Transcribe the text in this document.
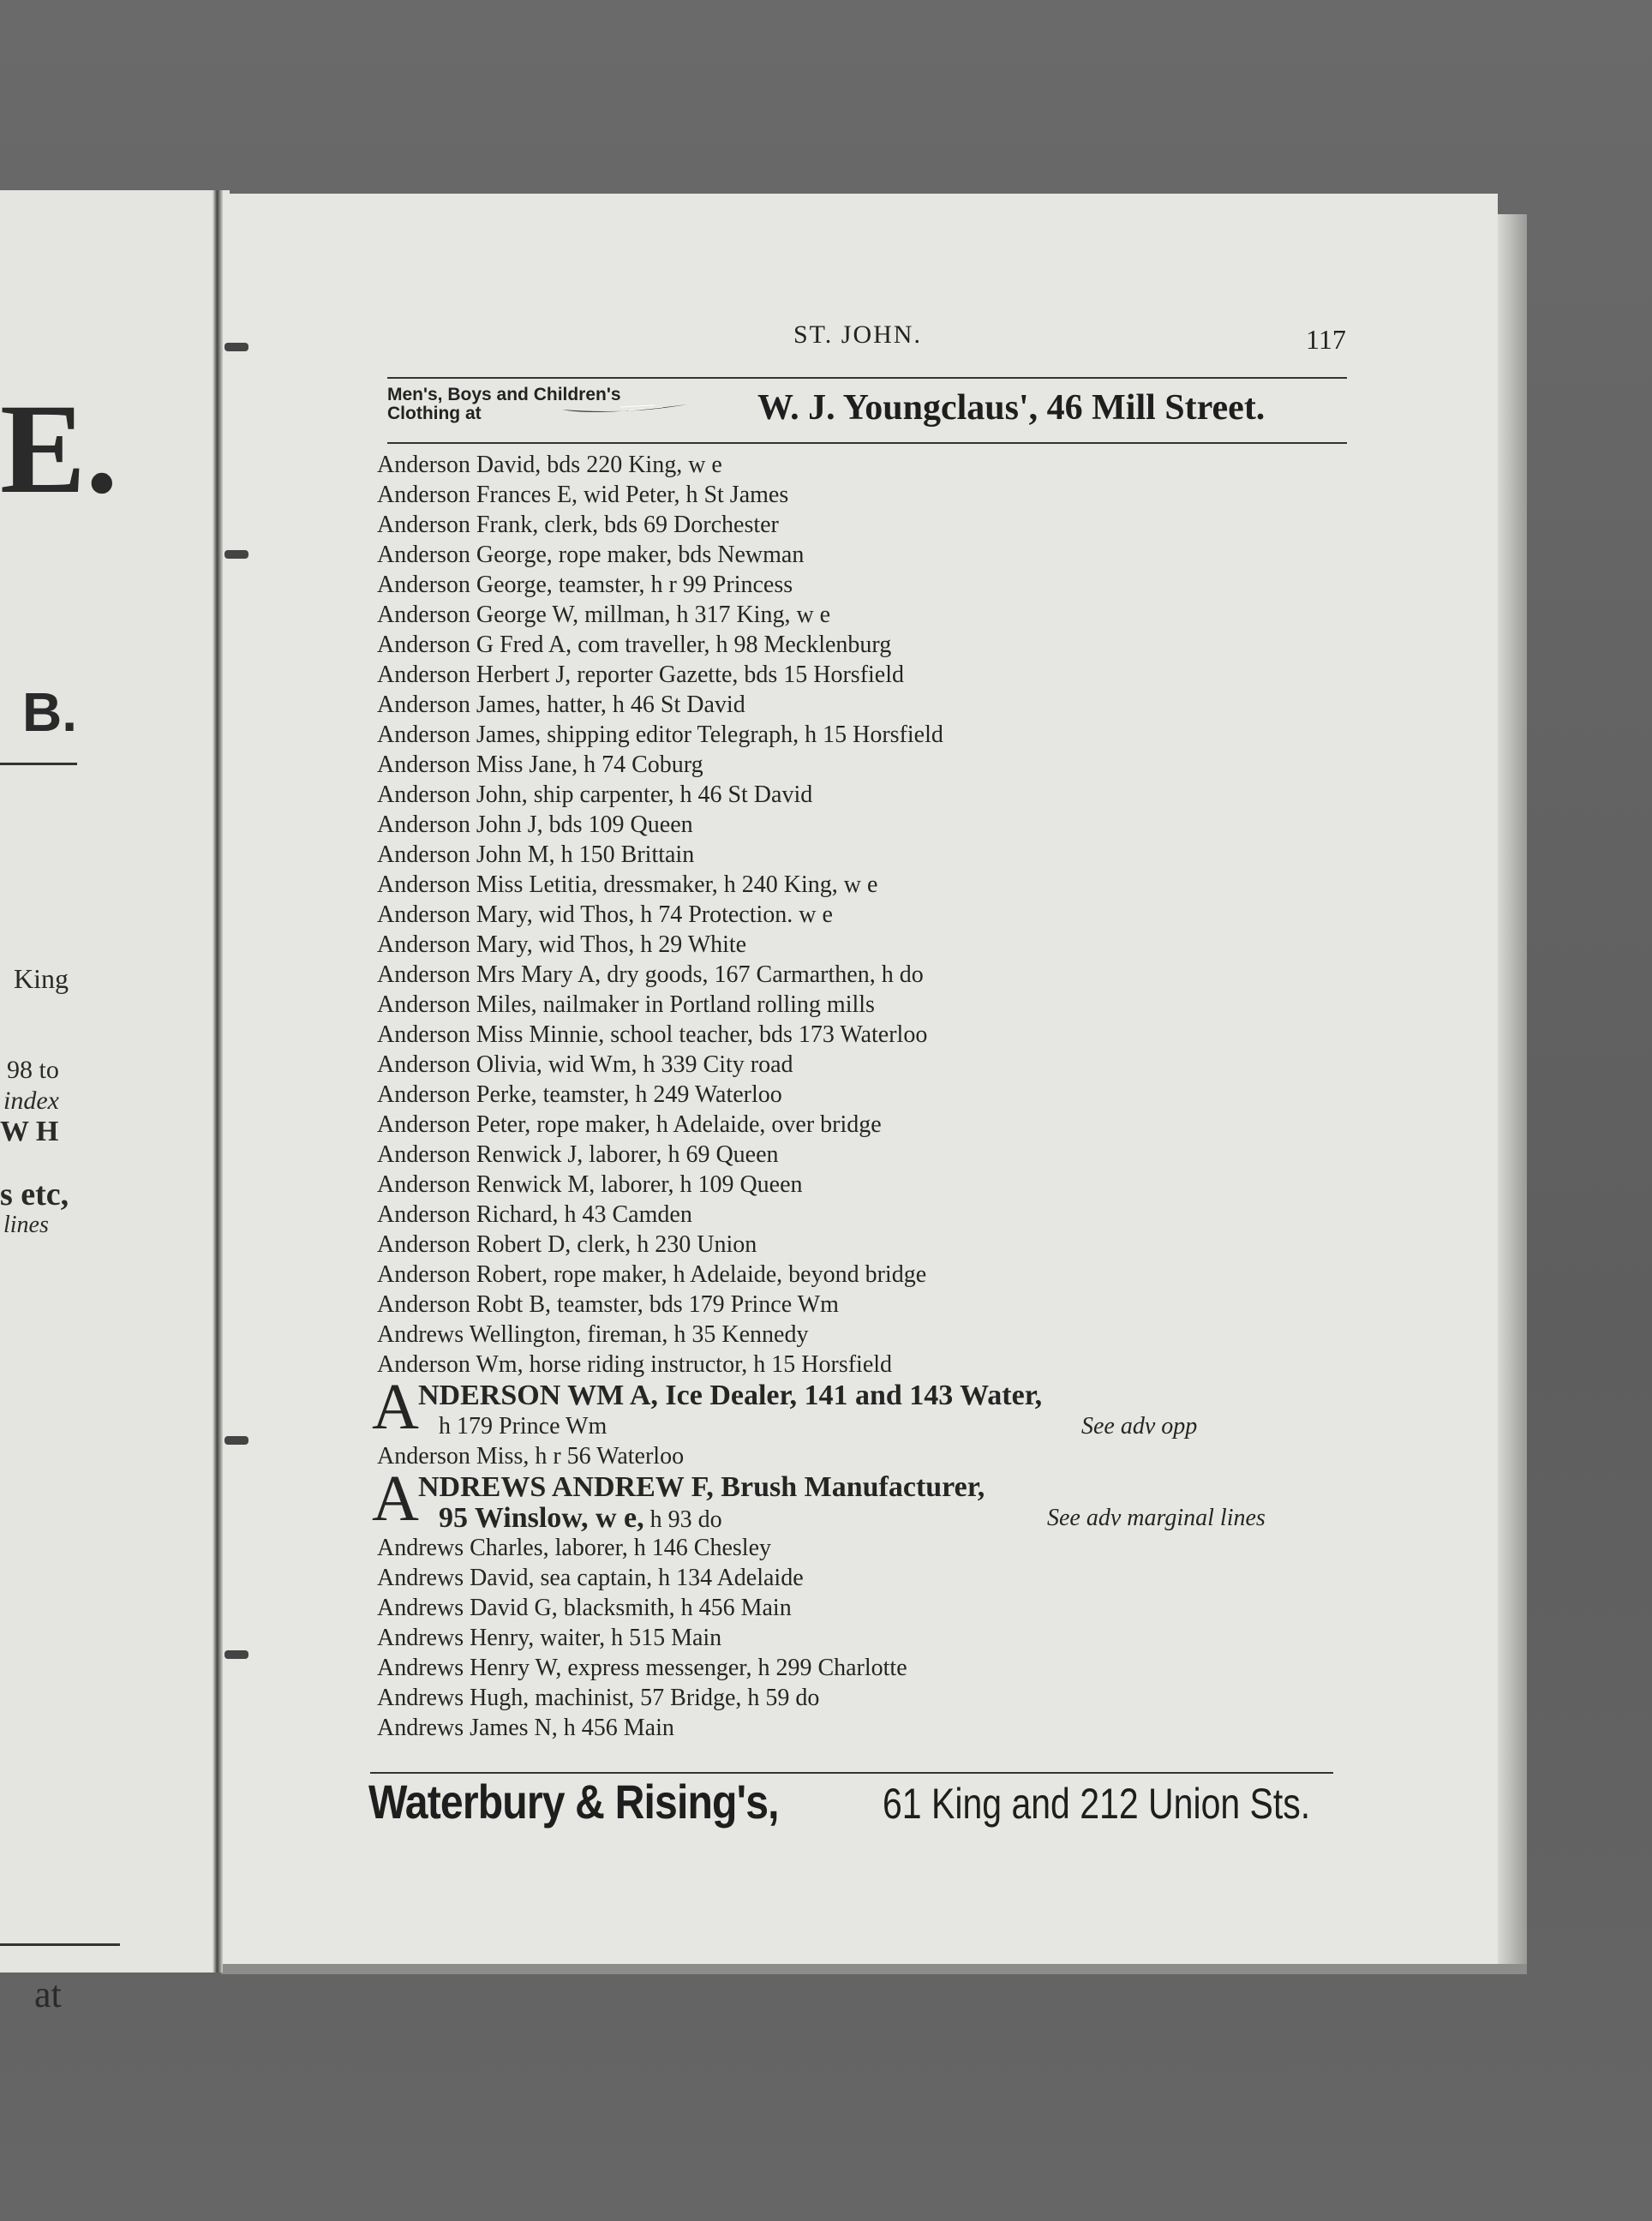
E.
B.
King
98 to
index
W H
s etc,
lines
at
ST. JOHN.	117
Men's, Boys and Children's
Clothing at	W. J. Youngclaus', 46 Mill Street.
Anderson David, bds 220 King, w e
Anderson Frances E, wid Peter, h St James
Anderson Frank, clerk, bds 69 Dorchester
Anderson George, rope maker, bds Newman
Anderson George, teamster, h r 99 Princess
Anderson George W, millman, h 317 King, w e
Anderson G Fred A, com traveller, h 98 Mecklenburg
Anderson Herbert J, reporter Gazette, bds 15 Horsfield
Anderson James, hatter, h 46 St David
Anderson James, shipping editor Telegraph, h 15 Horsfield
Anderson Miss Jane, h 74 Coburg
Anderson John, ship carpenter, h 46 St David
Anderson John J, bds 109 Queen
Anderson John M, h 150 Brittain
Anderson Miss Letitia, dressmaker, h 240 King, w e
Anderson Mary, wid Thos, h 74 Protection. w e
Anderson Mary, wid Thos, h 29 White
Anderson Mrs Mary A, dry goods, 167 Carmarthen, h do
Anderson Miles, nailmaker in Portland rolling mills
Anderson Miss Minnie, school teacher, bds 173 Waterloo
Anderson Olivia, wid Wm, h 339 City road
Anderson Perke, teamster, h 249 Waterloo
Anderson Peter, rope maker, h Adelaide, over bridge
Anderson Renwick J, laborer, h 69 Queen
Anderson Renwick M, laborer, h 109 Queen
Anderson Richard, h 43 Camden
Anderson Robert D, clerk, h 230 Union
Anderson Robert, rope maker, h Adelaide, beyond bridge
Anderson Robt B, teamster, bds 179 Prince Wm
Andrews Wellington, fireman, h 35 Kennedy
Anderson Wm, horse riding instructor, h 15 Horsfield
A NDERSON WM A, Ice Dealer, 141 and 143 Water,
h 179 Prince Wm	See adv opp
Anderson Miss, h r 56 Waterloo
A NDREWS ANDREW F, Brush Manufacturer,
95 Winslow, w e, h 93 do	See adv marginal lines
Andrews Charles, laborer, h 146 Chesley
Andrews David, sea captain, h 134 Adelaide
Andrews David G, blacksmith, h 456 Main
Andrews Henry, waiter, h 515 Main
Andrews Henry W, express messenger, h 299 Charlotte
Andrews Hugh, machinist, 57 Bridge, h 59 do
Andrews James N, h 456 Main
Waterbury & Rising's, 61 King and 212 Union Sts.
